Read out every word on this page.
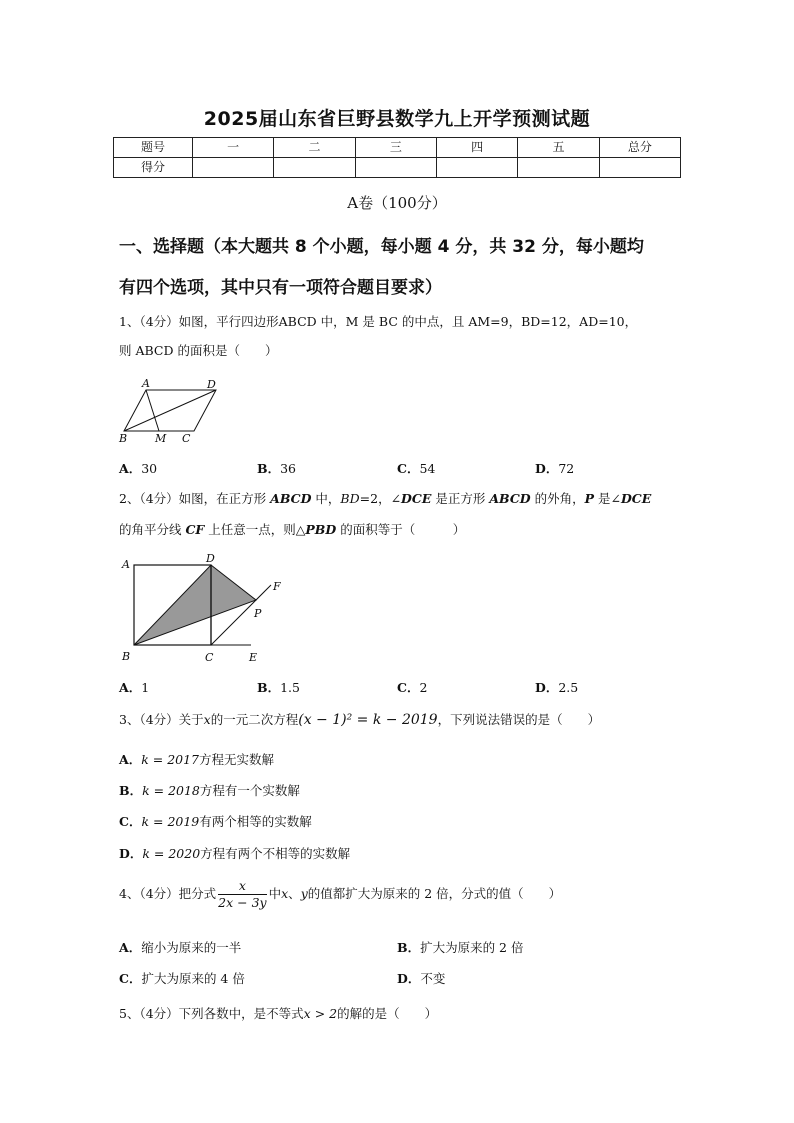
2025届山东省巨野县数学九上开学预测试题
题号	一	二	三	四	五	总分
得分						
A卷（100分）
一、选择题（本大题共 8 个小题，每小题 4 分，共 32 分，每小题均
有四个选项，其中只有一项符合题目要求）
1、（4分）如图，平行四边形ABCD 中，M 是 BC 的中点，且 AM=9，BD=12，AD=10，
则 ABCD 的面积是（　　）
A	D
B	M C
A．30	B．36	C．54	D．72
2、（4分）如图，在正方形 ABCD 中，BD=2，∠DCE 是正方形 ABCD 的外角，P 是∠DCE
的角平分线 CF 上任意一点，则△PBD 的面积等于（　　　）
A	D
F
P
B	C	E
A．1	B．1.5	C．2	D．2.5
3、（4分）关于x的一元二次方程(x − 1)² = k − 2019，下列说法错误的是（　　）
A．k = 2017方程无实数解
B．k = 2018方程有一个实数解
C．k = 2019有两个相等的实数解
D．k = 2020方程有两个不相等的实数解
4、（4分）把分式 $\frac{x}{2x - 3y}$ 中x、y的值都扩大为原来的 2 倍，分式的值（　　）
A．缩小为原来的一半	B．扩大为原来的 2 倍
C．扩大为原来的 4 倍	D．不变
5、（4分）下列各数中，是不等式x > 2的解的是（　　）
